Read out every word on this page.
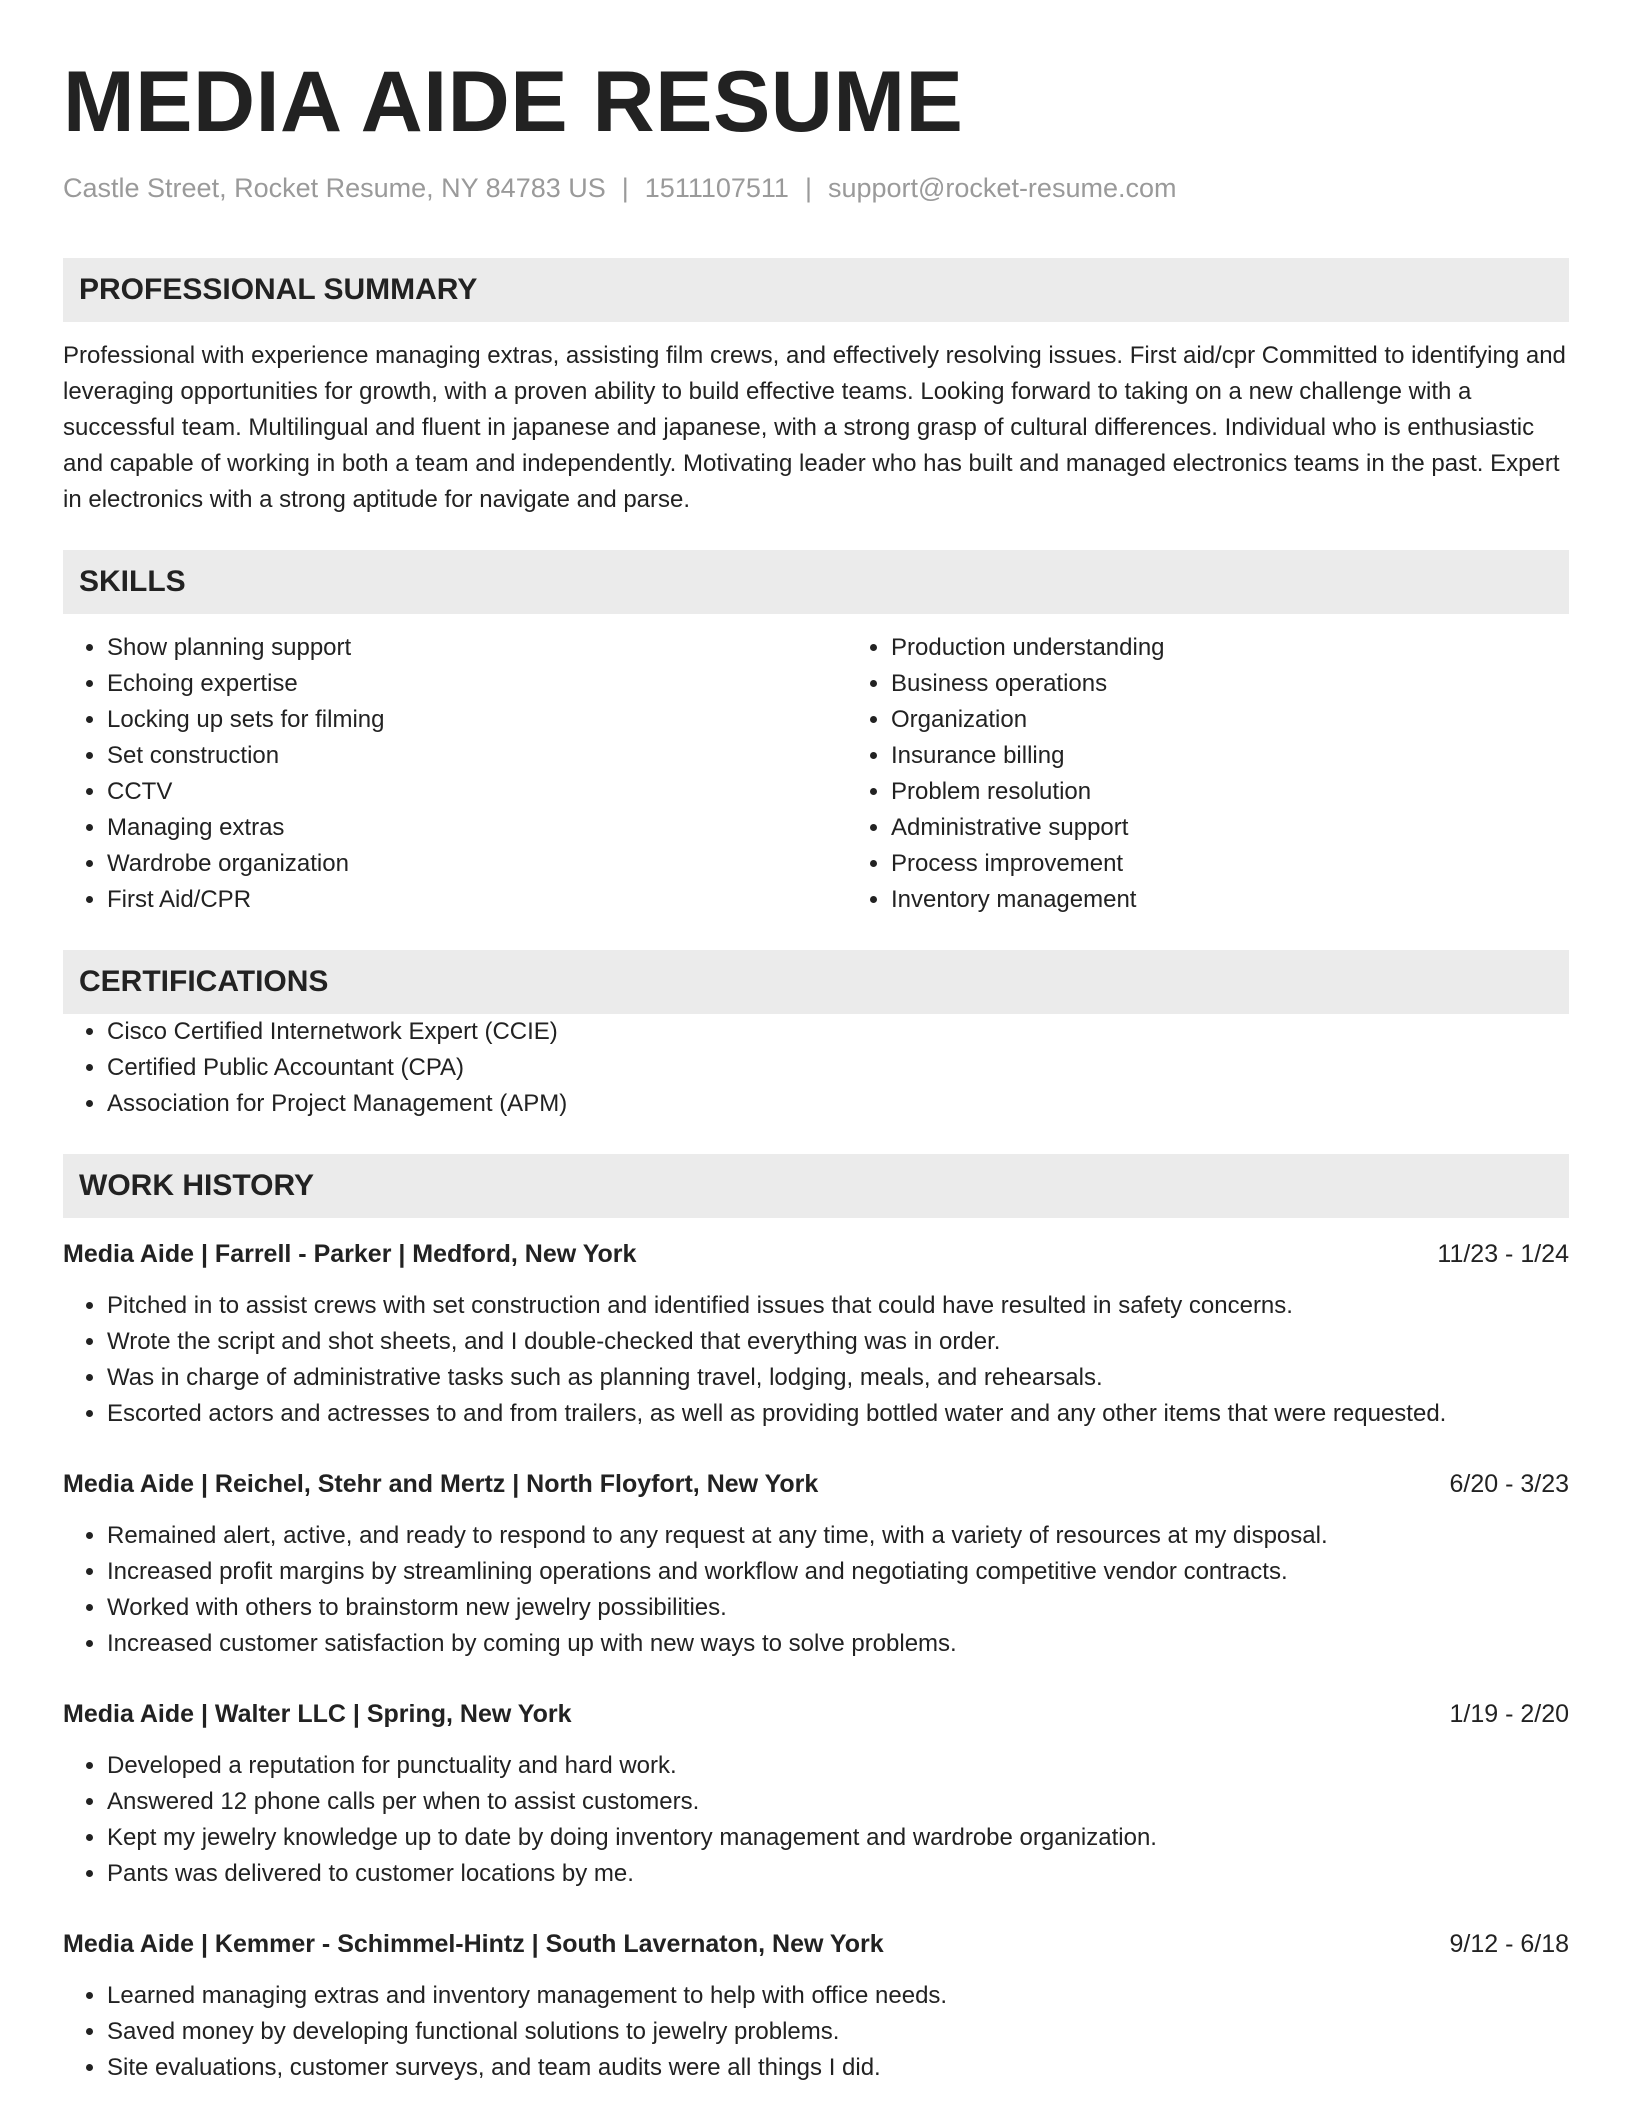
MEDIA AIDE RESUME
Castle Street, Rocket Resume, NY 84783 US | 1511107511 | support@rocket-resume.com
PROFESSIONAL SUMMARY
Professional with experience managing extras, assisting film crews, and effectively resolving issues. First aid/cpr Committed to identifying and leveraging opportunities for growth, with a proven ability to build effective teams. Looking forward to taking on a new challenge with a successful team. Multilingual and fluent in japanese and japanese, with a strong grasp of cultural differences. Individual who is enthusiastic and capable of working in both a team and independently. Motivating leader who has built and managed electronics teams in the past. Expert in electronics with a strong aptitude for navigate and parse.
SKILLS
• Show planning support
• Echoing expertise
• Locking up sets for filming
• Set construction
• CCTV
• Managing extras
• Wardrobe organization
• First Aid/CPR
• Production understanding
• Business operations
• Organization
• Insurance billing
• Problem resolution
• Administrative support
• Process improvement
• Inventory management
CERTIFICATIONS
• Cisco Certified Internetwork Expert (CCIE)
• Certified Public Accountant (CPA)
• Association for Project Management (APM)
WORK HISTORY
Media Aide | Farrell - Parker | Medford, New York	11/23 - 1/24
• Pitched in to assist crews with set construction and identified issues that could have resulted in safety concerns.
• Wrote the script and shot sheets, and I double-checked that everything was in order.
• Was in charge of administrative tasks such as planning travel, lodging, meals, and rehearsals.
• Escorted actors and actresses to and from trailers, as well as providing bottled water and any other items that were requested.
Media Aide | Reichel, Stehr and Mertz | North Floyfort, New York	6/20 - 3/23
• Remained alert, active, and ready to respond to any request at any time, with a variety of resources at my disposal.
• Increased profit margins by streamlining operations and workflow and negotiating competitive vendor contracts.
• Worked with others to brainstorm new jewelry possibilities.
• Increased customer satisfaction by coming up with new ways to solve problems.
Media Aide | Walter LLC | Spring, New York	1/19 - 2/20
• Developed a reputation for punctuality and hard work.
• Answered 12 phone calls per when to assist customers.
• Kept my jewelry knowledge up to date by doing inventory management and wardrobe organization.
• Pants was delivered to customer locations by me.
Media Aide | Kemmer - Schimmel-Hintz | South Lavernaton, New York	9/12 - 6/18
• Learned managing extras and inventory management to help with office needs.
• Saved money by developing functional solutions to jewelry problems.
• Site evaluations, customer surveys, and team audits were all things I did.
